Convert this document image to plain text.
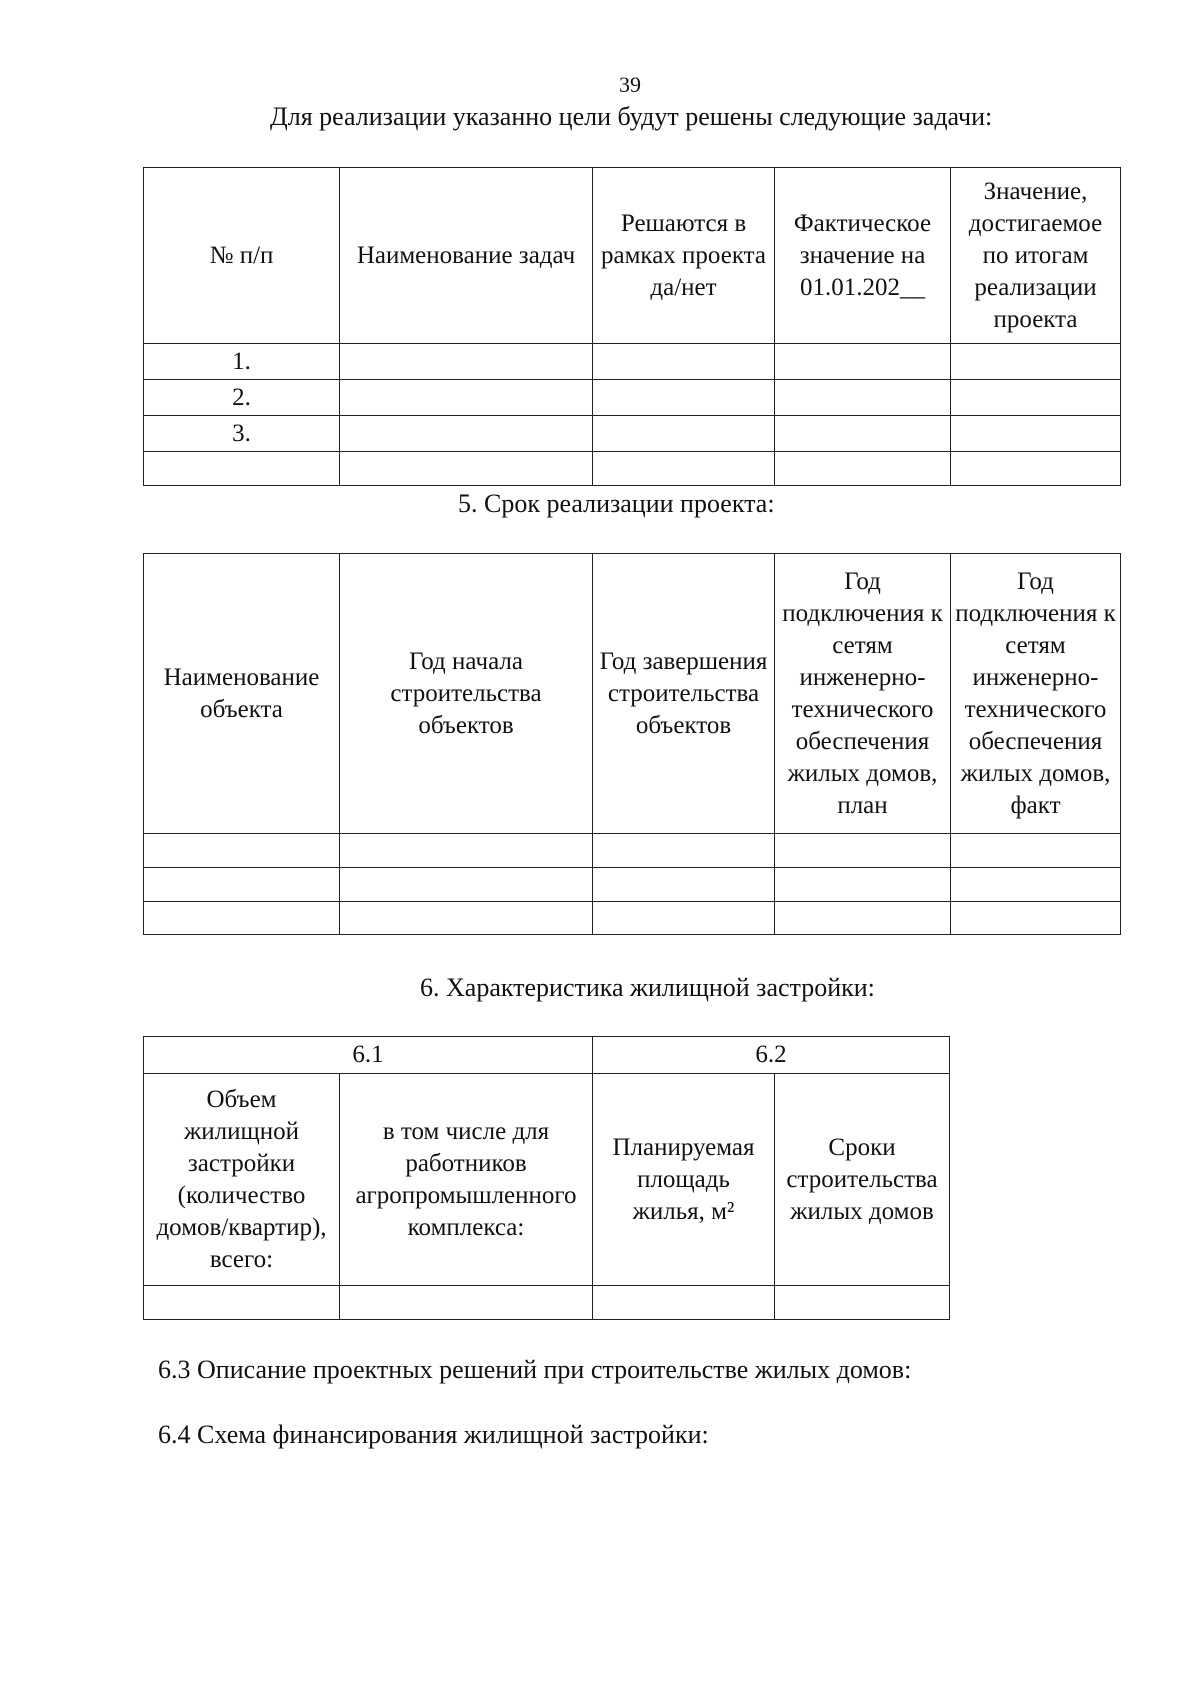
39
Для реализации указанно цели будут решены следующие задачи:
№ п/п	Наименование задач	Решаются в рамках проекта да/нет	Фактическое значение на 01.01.202__	Значение, достигаемое по итогам реализации проекта

1.				
2.				
3.				

5. Срок реализации проекта:
Наименование объекта	Год начала строительства объектов	Год завершения строительства объектов	Год подключения к сетям инженерно-технического обеспечения жилых домов, план	Год подключения к сетям инженерно-технического обеспечения жилых домов, факт

6. Характеристика жилищной застройки:
6.1		6.2	

Объем жилищной застройки (количество домов/квартир), всего:	в том числе для работников агропромышленного комплекса:	Планируемая площадь жилья, м²	Сроки строительства жилых домов

6.3 Описание проектных решений при строительстве жилых домов:
6.4 Схема финансирования жилищной застройки:
